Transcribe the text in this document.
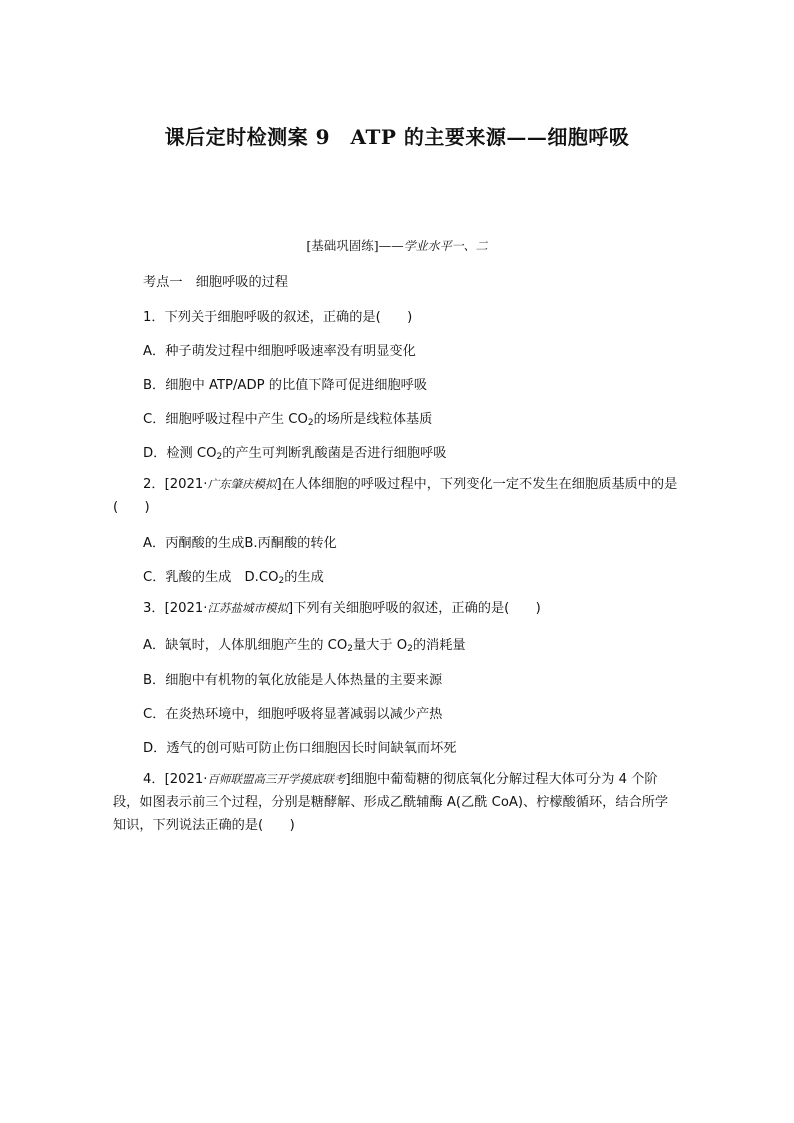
课后定时检测案 9　ATP 的主要来源——细胞呼吸
[基础巩固练]——学业水平一、二
考点一　细胞呼吸的过程
1．下列关于细胞呼吸的叙述，正确的是(　　)
A．种子萌发过程中细胞呼吸速率没有明显变化
B．细胞中 ATP/ADP 的比值下降可促进细胞呼吸
C．细胞呼吸过程中产生 $CO_2$的场所是线粒体基质
D．检测 $CO_2$的产生可判断乳酸菌是否进行细胞呼吸
2．[2021·广东肇庆模拟]在人体细胞的呼吸过程中，下列变化一定不发生在细胞质基质中的是(　　)
A．丙酮酸的生成B.丙酮酸的转化
C．乳酸的生成　$D.CO_2$的生成
3．[2021·江苏盐城市模拟]下列有关细胞呼吸的叙述，正确的是(　　)
A．缺氧时，人体肌细胞产生的 $CO_2$量大于 $O_2$的消耗量
B．细胞中有机物的氧化放能是人体热量的主要来源
C．在炎热环境中，细胞呼吸将显著减弱以减少产热
D．透气的创可贴可防止伤口细胞因长时间缺氧而坏死
4．[2021·百师联盟高三开学摸底联考]细胞中葡萄糖的彻底氧化分解过程大体可分为 4 个阶段，如图表示前三个过程，分别是糖酵解、形成乙酰辅酶 A(乙酰 CoA)、柠檬酸循环，结合所学知识，下列说法正确的是(　　)
